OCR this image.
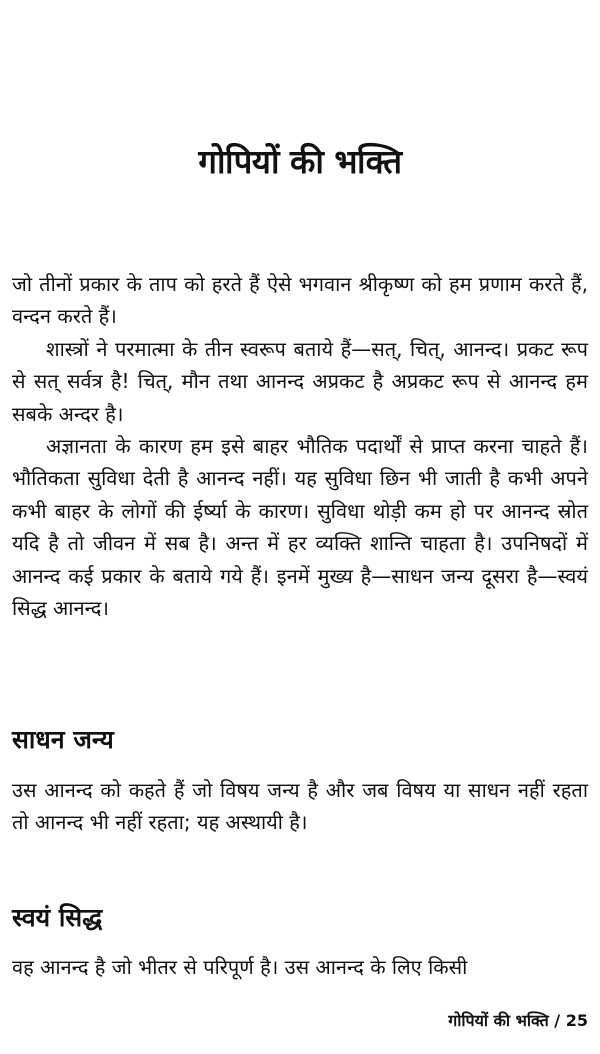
गोपियों की भक्ति

जो तीनों प्रकार के ताप को हरते हैं ऐसे भगवान श्रीकृष्ण को हम प्रणाम करते हैं, वन्दन करते हैं।

शास्त्रों ने परमात्मा के तीन स्वरूप बताये हैं—सत्, चित्, आनन्द। प्रकट रूप से सत् सर्वत्र है! चित्, मौन तथा आनन्द अप्रकट है अप्रकट रूप से आनन्द हम सबके अन्दर है।

अज्ञानता के कारण हम इसे बाहर भौतिक पदार्थों से प्राप्त करना चाहते हैं। भौतिकता सुविधा देती है आनन्द नहीं। यह सुविधा छिन भी जाती है कभी अपने कभी बाहर के लोगों की ईर्ष्या के कारण। सुविधा थोड़ी कम हो पर आनन्द स्रोत यदि है तो जीवन में सब है। अन्त में हर व्यक्ति शान्ति चाहता है। उपनिषदों में आनन्द कई प्रकार के बताये गये हैं। इनमें मुख्य है—साधन जन्य दूसरा है—स्वयं सिद्ध आनन्द।

साधन जन्य

उस आनन्द को कहते हैं जो विषय जन्य है और जब विषय या साधन नहीं रहता तो आनन्द भी नहीं रहता; यह अस्थायी है।

स्वयं सिद्ध

वह आनन्द है जो भीतर से परिपूर्ण है। उस आनन्द के लिए किसी

गोपियों की भक्ति / 25
